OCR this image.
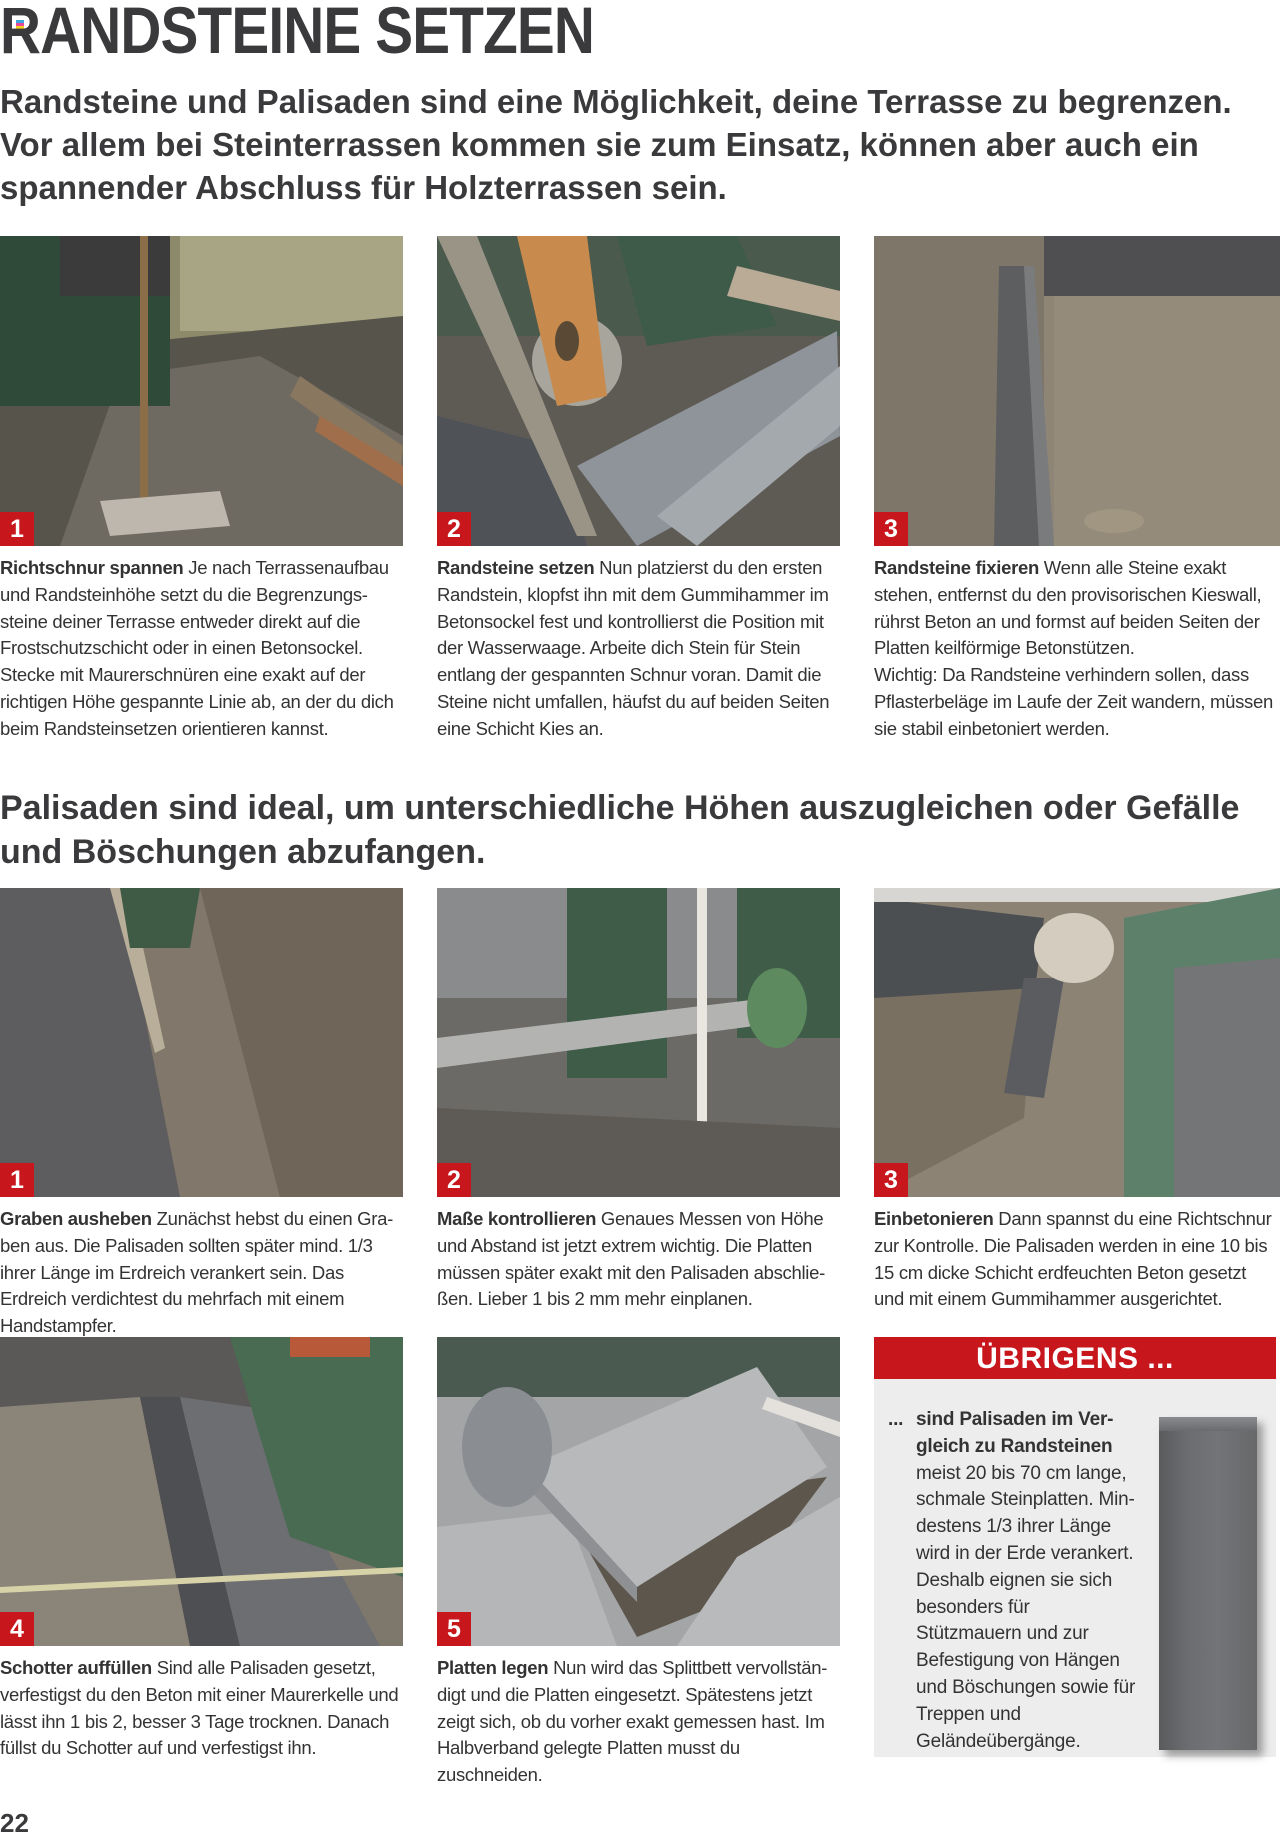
RANDSTEINE SETZEN

Randsteine und Palisaden sind eine Möglichkeit, deine Terrasse zu begrenzen. Vor allem bei Steinterrassen kommen sie zum Einsatz, können aber auch ein spannender Abschluss für Holzterrassen sein.

1	2	3

Richtschnur spannen Je nach Terrassenaufbau und Randsteinhöhe setzt du die Begrenzungs-steine deiner Terrasse entweder direkt auf die Frostschutzschicht oder in einen Betonsockel. Stecke mit Maurerschnüren eine exakt auf der richtigen Höhe gespannte Linie ab, an der du dich beim Randsteinsetzen orientieren kannst.

Randsteine setzen Nun platzierst du den ersten Randstein, klopfst ihn mit dem Gummihammer im Betonsockel fest und kontrollierst die Position mit der Wasserwaage. Arbeite dich Stein für Stein entlang der gespannten Schnur voran. Damit die Steine nicht umfallen, häufst du auf beiden Seiten eine Schicht Kies an.

Randsteine fixieren Wenn alle Steine exakt stehen, entfernst du den provisorischen Kieswall, rührst Beton an und formst auf beiden Seiten der Platten keilförmige Betonstützen.

Wichtig: Da Randsteine verhindern sollen, dass Pflasterbeläge im Laufe der Zeit wandern, müssen sie stabil einbetoniert werden.

Palisaden sind ideal, um unterschiedliche Höhen auszugleichen oder Gefälle und Böschungen abzufangen.
1	2	3

Graben ausheben Zunächst hebst du einen Gra-ben aus. Die Palisaden sollten später mind. 1/3 ihrer Länge im Erdreich verankert sein. Das Erdreich verdichtest du mehrfach mit einem Handstampfer.

Maße kontrollieren Genaues Messen von Höhe und Abstand ist jetzt extrem wichtig. Die Platten müssen später exakt mit den Palisaden abschlie-ßen. Lieber 1 bis 2 mm mehr einplanen.

Einbetonieren Dann spannst du eine Richtschnur zur Kontrolle. Die Palisaden werden in eine 10 bis 15 cm dicke Schicht erdfeuchten Beton gesetzt und mit einem Gummihammer ausgerichtet.

4	5

Schotter auffüllen Sind alle Palisaden gesetzt, verfestigst du den Beton mit einer Maurerkelle und lässt ihn 1 bis 2, besser 3 Tage trocknen. Danach füllst du Schotter auf und verfestigst ihn.

Platten legen Nun wird das Splittbett vervollstän-digt und die Platten eingesetzt. Spätestens jetzt zeigt sich, ob du vorher exakt gemessen hast. Im Halbverband gelegte Platten musst du zuschneiden.

ÜBRIGENS ...
... sind Palisaden im Ver-gleich zu Randsteinen
meist 20 bis 70 cm lange, schmale Steinplatten. Min-destens 1/3 ihrer Länge wird in der Erde verankert. Deshalb eignen sie sich besonders für Stützmauern und zur Befestigung von Hängen und Böschungen sowie für Treppen und Geländeübergänge.
22
